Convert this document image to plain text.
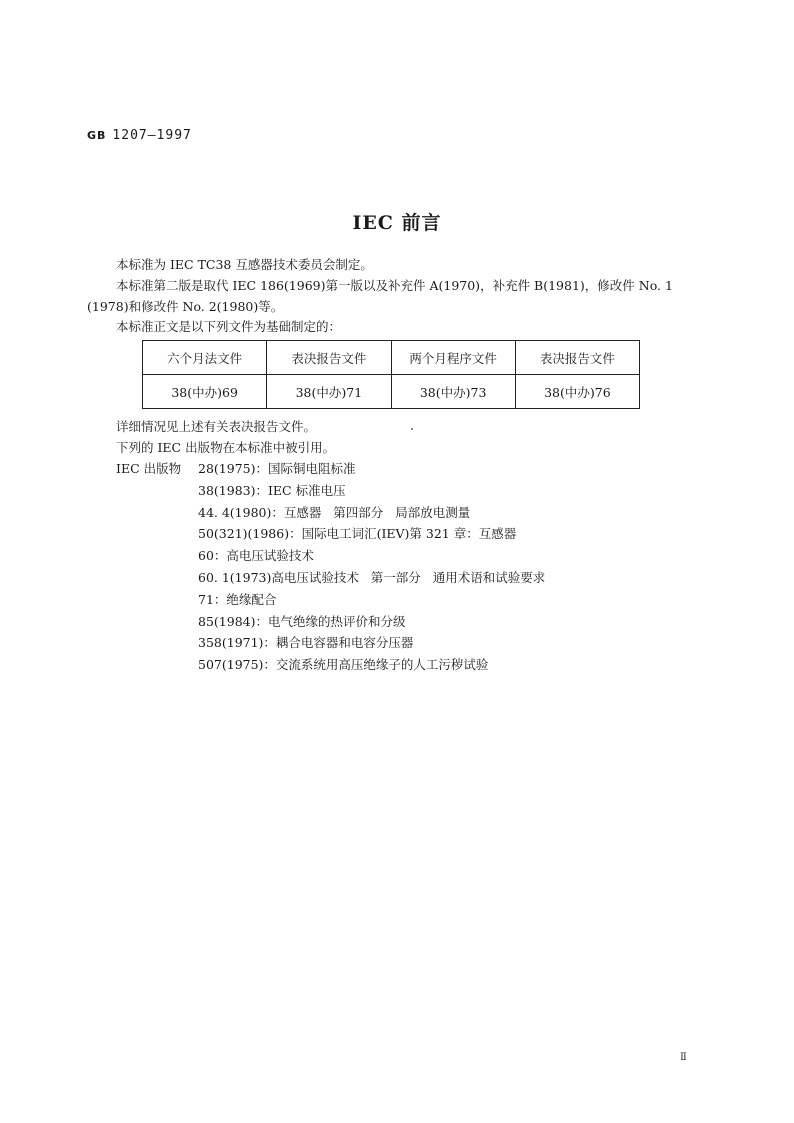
GB 1207—1997
IEC 前言
本标准为 IEC TC38 互感器技术委员会制定。
本标准第二版是取代 IEC 186(1969)第一版以及补充件 A(1970)，补充件 B(1981)，修改件 No. 1
(1978)和修改件 No. 2(1980)等。
本标准正文是以下列文件为基础制定的：
六个月法文件	表决报告文件	两个月程序文件	表决报告文件
38(中办)69	38(中办)71	38(中办)73	38(中办)76
详细情况见上述有关表决报告文件。
下列的 IEC 出版物在本标准中被引用。
IEC 出版物 28(1975)：国际铜电阻标准
38(1983)：IEC 标准电压
44. 4(1980)：互感器   第四部分   局部放电测量
50(321)(1986)：国际电工词汇(IEV)第 321 章：互感器
60：高电压试验技术
60. 1(1973)高电压试验技术   第一部分   通用术语和试验要求
71：绝缘配合
85(1984)：电气绝缘的热评价和分级
358(1971)：耦合电容器和电容分压器
507(1975)：交流系统用高压绝缘子的人工污秽试验
Ⅱ
